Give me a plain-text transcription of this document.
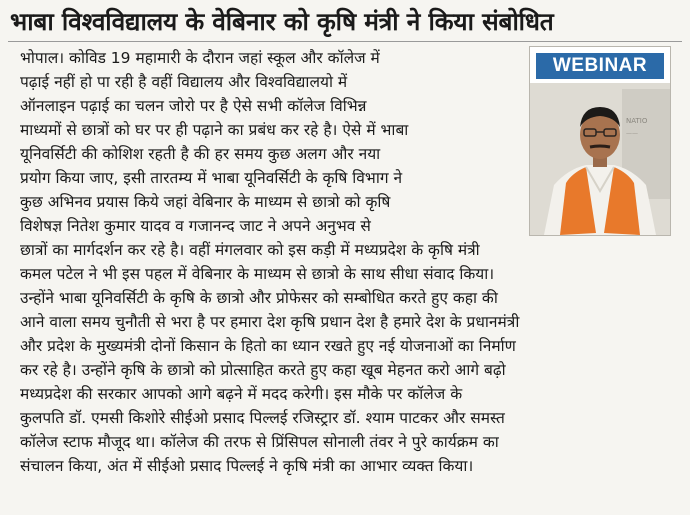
भाबा विश्वविद्यालय के वेबिनार को कृषि मंत्री ने किया संबोधित
WEBINAR
NATIO
——
भोपाल। कोविड 19 महामारी के दौरान जहां स्कूल और कॉलेज में
पढ़ाई नहीं हो पा रही है वहीं विद्यालय और विश्वविद्यालयो में
ऑनलाइन पढ़ाई का चलन जोरो पर है ऐसे सभी कॉलेज विभिन्न
माध्यमों से छात्रों को घर पर ही पढ़ाने का प्रबंध कर रहे है। ऐसे में भाबा
यूनिवर्सिटी की कोशिश रहती है की हर समय कुछ अलग और नया
प्रयोग किया जाए, इसी तारतम्य में भाबा यूनिवर्सिटी के कृषि विभाग ने
कुछ अभिनव प्रयास किये जहां वेबिनार के माध्यम से छात्रो को कृषि
विशेषज्ञ नितेश कुमार यादव व गजानन्द जाट ने अपने अनुभव से
छात्रों का मार्गदर्शन कर रहे है। वहीं मंगलवार को इस कड़ी में मध्यप्रदेश के कृषि मंत्री
कमल पटेल ने भी इस पहल में वेबिनार के माध्यम से छात्रो के साथ सीधा संवाद किया।
उन्होंने भाबा यूनिवर्सिटी के कृषि के छात्रो और प्रोफेसर को सम्बोधित करते हुए कहा की
आने वाला समय चुनौती से भरा है पर हमारा देश कृषि प्रधान देश है हमारे देश के प्रधानमंत्री
और प्रदेश के मुख्यमंत्री दोनों किसान के हितो का ध्यान रखते हुए नई योजनाओं का निर्माण
कर रहे है। उन्होंने कृषि के छात्रो को प्रोत्साहित करते हुए कहा खूब मेहनत करो आगे बढ़ो
मध्यप्रदेश की सरकार आपको आगे बढ़ने में मदद करेगी। इस मौके पर कॉलेज के
कुलपति डॉ. एमसी किशोरे सीईओ प्रसाद पिल्लई रजिस्ट्रार डॉ. श्याम पाटकर और समस्त
कॉलेज स्टाफ मौजूद था। कॉलेज की तरफ से प्रिंसिपल सोनाली तंवर ने पुरे कार्यक्रम का
संचालन किया, अंत में सीईओ प्रसाद पिल्लई ने कृषि मंत्री का आभार व्यक्त किया।
